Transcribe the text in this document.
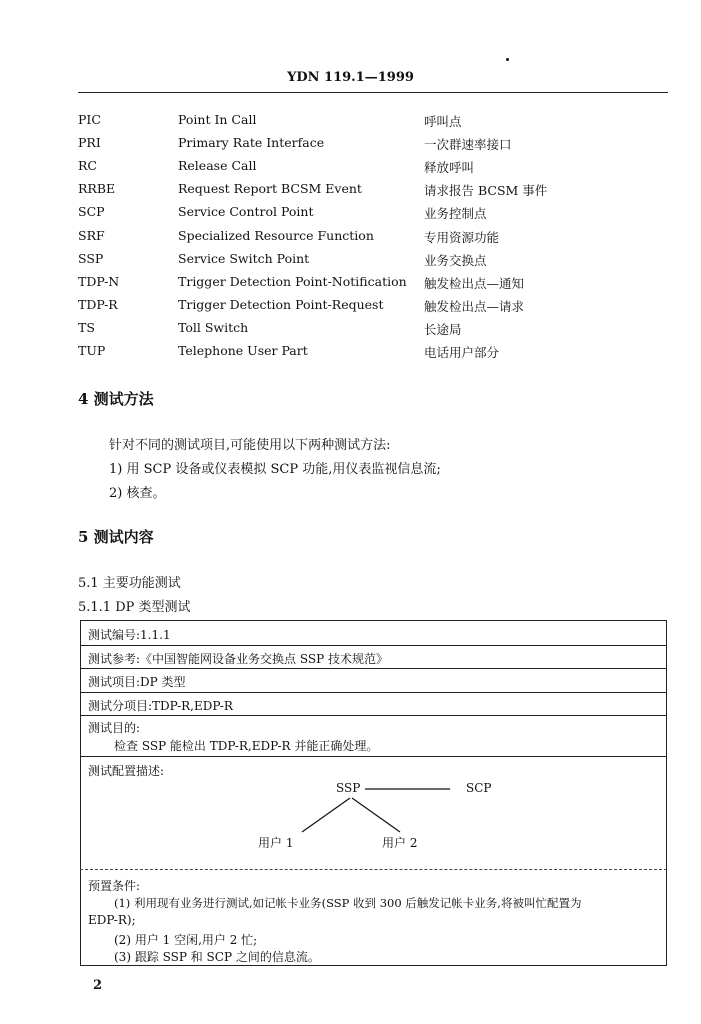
YDN 119.1—1999
PIC	Point In Call	呼叫点
PRI	Primary Rate Interface	一次群速率接口
RC	Release Call	释放呼叫
RRBE	Request Report BCSM Event	请求报告 BCSM 事件
SCP	Service Control Point	业务控制点
SRF	Specialized Resource Function	专用资源功能
SSP	Service Switch Point	业务交换点
TDP-N	Trigger Detection Point-Notification 触发检出点—通知
TDP-R	Trigger Detection Point-Request	触发检出点—请求
TS	Toll Switch	长途局
TUP	Telephone User Part	电话用户部分
4 测试方法
针对不同的测试项目,可能使用以下两种测试方法:
1) 用 SCP 设备或仪表模拟 SCP 功能,用仪表监视信息流;
2) 核查。
5 测试内容
5.1 主要功能测试
5.1.1 DP 类型测试
测试编号:1.1.1
测试参考:《中国智能网设备业务交换点 SSP 技术规范》
测试项目:DP 类型
测试分项目:TDP-R,EDP-R
测试目的:
检查 SSP 能检出 TDP-R,EDP-R 并能正确处理。
测试配置描述:
SSP	SCP
用户 1	用户 2
预置条件:
(1) 利用现有业务进行测试,如记帐卡业务(SSP 收到 300 后触发记帐卡业务,将被叫忙配置为
EDP-R);
(2) 用户 1 空闲,用户 2 忙;
(3) 跟踪 SSP 和 SCP 之间的信息流。
2
